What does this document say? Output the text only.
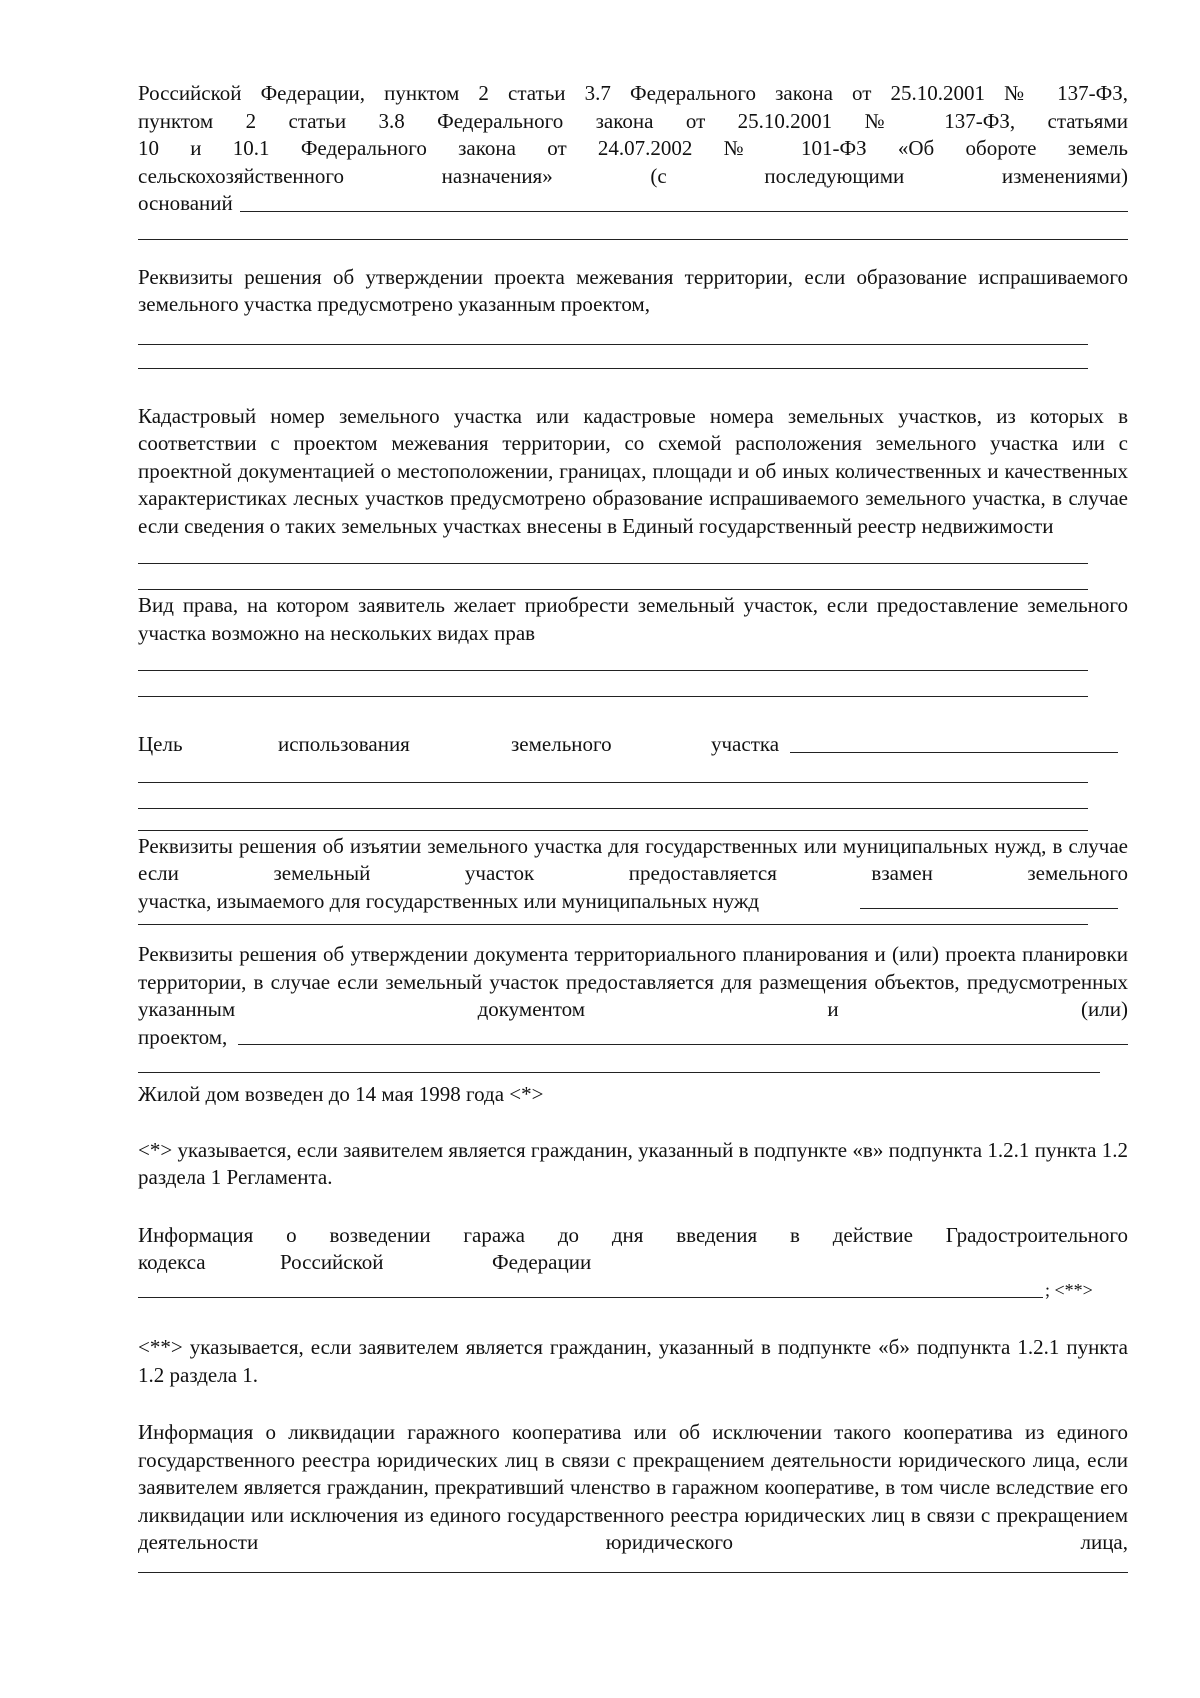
Российской Федерации, пунктом 2 статьи 3.7 Федерального закона от 25.10.2001 № 137-ФЗ,
пунктом 2 статьи 3.8 Федерального закона от 25.10.2001 № 137-ФЗ, статьями
10 и 10.1 Федерального закона от 24.07.2002 № 101-ФЗ «Об обороте земель
сельскохозяйственного назначения» (с последующими изменениями)
оснований
Реквизиты решения об утверждении проекта межевания территории, если образование испрашиваемого земельного участка предусмотрено указанным проектом,
Кадастровый номер земельного участка или кадастровые номера земельных участков, из которых в соответствии с проектом межевания территории, со схемой расположения земельного участка или с проектной документацией о местоположении, границах, площади и об иных количественных и качественных характеристиках лесных участков предусмотрено образование испрашиваемого земельного участка, в случае если сведения о таких земельных участках внесены в Единый государственный реестр недвижимости
Вид права, на котором заявитель желает приобрести земельный участок, если предоставление земельного участка возможно на нескольких видах прав
Цель	использования	земельного	участка
Реквизиты решения об изъятии земельного участка для государственных или муниципальных нужд, в случае если земельный участок предоставляется взамен земельного
участка, изымаемого для государственных или муниципальных нужд
Реквизиты решения об утверждении документа территориального планирования и (или) проекта планировки территории, в случае если земельный участок предоставляется для размещения объектов, предусмотренных указанным документом и (или)
проектом,
Жилой дом возведен до 14 мая 1998 года <*>
<*> указывается, если заявителем является гражданин, указанный в подпункте «в» подпункта 1.2.1 пункта 1.2 раздела 1 Регламента.
Информация о возведении гаража до дня введения в действие Градостроительного
кодекса	Российской	Федерации
; <**>
<**> указывается, если заявителем является гражданин, указанный в подпункте «б» подпункта 1.2.1 пункта 1.2 раздела 1.
Информация о ликвидации гаражного кооператива или об исключении такого кооператива из единого государственного реестра юридических лиц в связи с прекращением деятельности юридического лица, если заявителем является гражданин, прекративший членство в гаражном кооперативе, в том числе вследствие его ликвидации или исключения из единого государственного реестра юридических лиц в связи с прекращением деятельности юридического лица,
